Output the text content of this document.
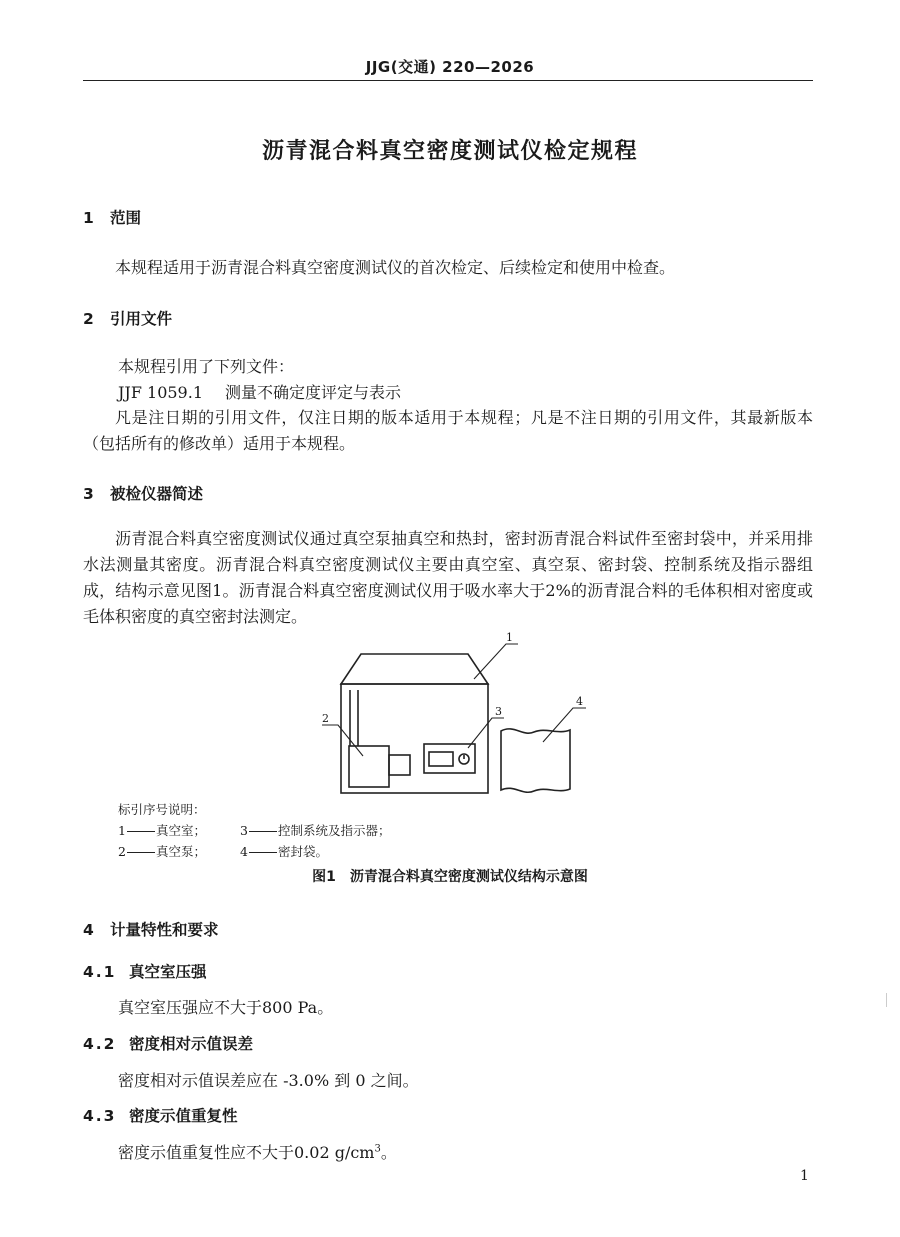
JJG(交通) 220—2026
沥青混合料真空密度测试仪检定规程
1 范围
本规程适用于沥青混合料真空密度测试仪的首次检定、后续检定和使用中检查。
2 引用文件
本规程引用了下列文件：
JJF 1059.1 测量不确定度评定与表示
凡是注日期的引用文件，仅注日期的版本适用于本规程；凡是不注日期的引用文件，其最新版本（包括所有的修改单）适用于本规程。
3 被检仪器简述
沥青混合料真空密度测试仪通过真空泵抽真空和热封，密封沥青混合料试件至密封袋中，并采用排水法测量其密度。沥青混合料真空密度测试仪主要由真空室、真空泵、密封袋、控制系统及指示器组成，结构示意见图1。沥青混合料真空密度测试仪用于吸水率大于2%的沥青混合料的毛体积相对密度或毛体积密度的真空密封法测定。
1
2
3
4
标引序号说明：
1 真空室；	3 控制系统及指示器；
2 真空泵；	4 密封袋。
图1　沥青混合料真空密度测试仪结构示意图
4 计量特性和要求
4.1 真空室压强
真空室压强应不大于800 Pa。
4.2 密度相对示值误差
密度相对示值误差应在 -3.0% 到 0 之间。
4.3 密度示值重复性
密度示值重复性应不大于0.02 $g/cm^3$。
1
